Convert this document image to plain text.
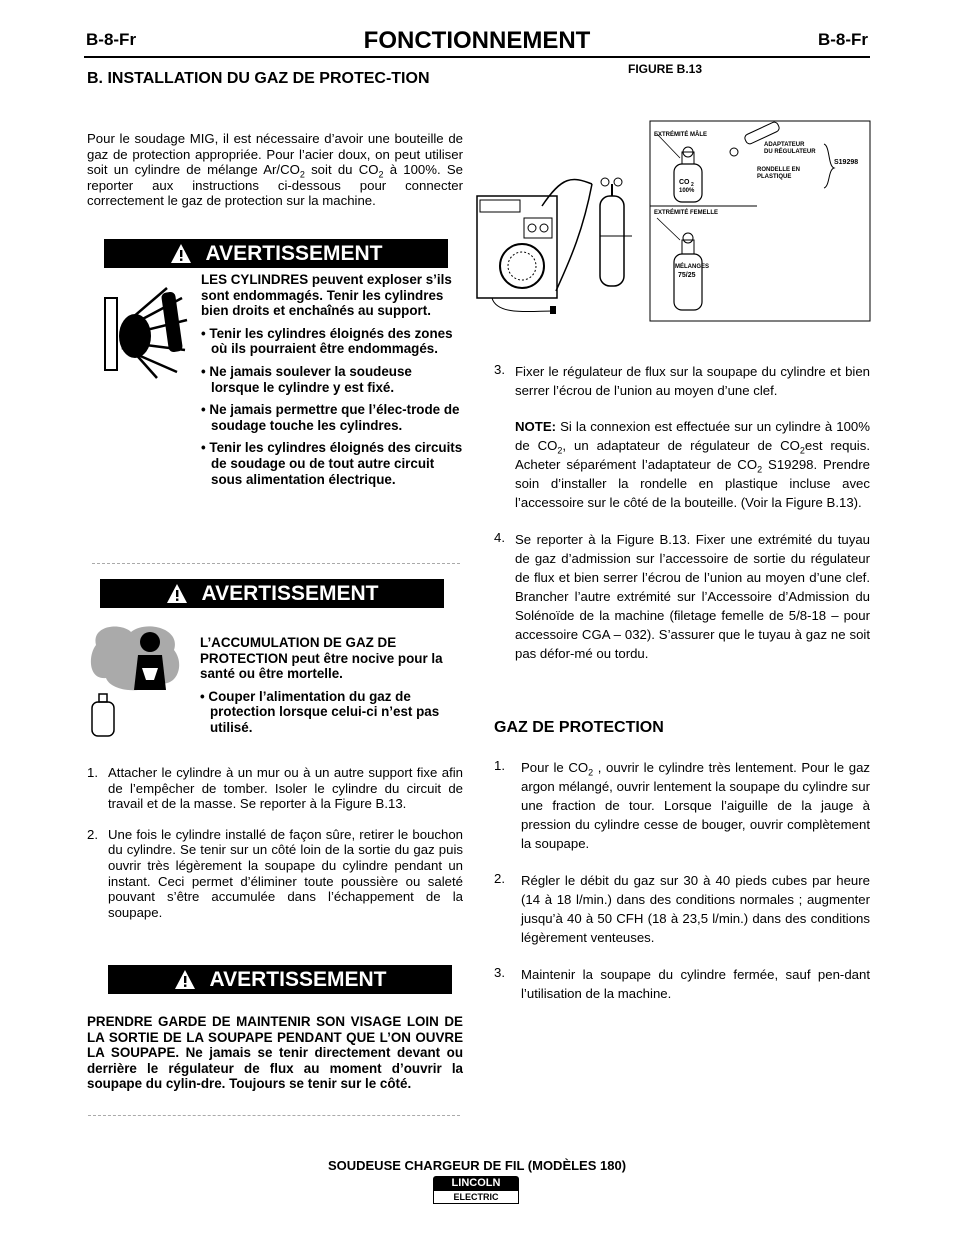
B-8-Fr	FONCTIONNEMENT	B-8-Fr
B. INSTALLATION DU GAZ DE PROTEC-TION
Pour le soudage MIG, il est nécessaire d’avoir une bouteille de gaz de protection appropriée. Pour l’acier doux, on peut utiliser soit un cylindre de mélange $Ar/CO_2$ soit du $CO_2$ à 100%. Se reporter aux instructions ci-dessous pour connecter correctement le gaz de protection sur la machine.
AVERTISSEMENT
LES CYLINDRES peuvent exploser s’ils sont endommagés. Tenir les cylindres bien droits et enchaînés au support.
• Tenir les cylindres éloignés des zones où ils pourraient être endommagés.
• Ne jamais soulever la soudeuse lorsque le cylindre y est fixé.
• Ne jamais permettre que l’élec-trode de soudage touche les cylindres.
• Tenir les cylindres éloignés des circuits de soudage ou de tout autre circuit sous alimentation électrique.
AVERTISSEMENT
L’ACCUMULATION DE GAZ DE PROTECTION peut être nocive pour la santé ou être mortelle.
• Couper l’alimentation du gaz de protection lorsque celui-ci n’est pas utilisé.
1. Attacher le cylindre à un mur ou à un autre support fixe afin de l’empêcher de tomber. Isoler le cylindre du circuit de travail et de la masse. Se reporter à la Figure B.13.
2. Une fois le cylindre installé de façon sûre, retirer le bouchon du cylindre. Se tenir sur un côté loin de la sortie du gaz puis ouvrir très légèrement la soupape du cylindre pendant un instant. Ceci permet d’éliminer toute poussière ou saleté pouvant s’être accumulée dans l’échappement de la soupape.
AVERTISSEMENT
PRENDRE GARDE DE MAINTENIR SON VISAGE LOIN DE LA SORTIE DE LA SOUPAPE PENDANT QUE L’ON OUVRE LA SOUPAPE. Ne jamais se tenir directement devant ou derrière le régulateur de flux au moment d’ouvrir la soupape du cylin-dre. Toujours se tenir sur le côté.
FIGURE B.13
EXTRÉMITÉ MÂLE
ADAPTATEUR
DU RÉGULATEUR
RONDELLE EN
PLASTIQUE
S19298
CO 2
100%
EXTRÉMITÉ FEMELLE
MÉLANGES
75/25
3. Fixer le régulateur de flux sur la soupape du cylindre et bien serrer l’écrou de l’union au moyen d’une clef.
NOTE: Si la connexion est effectuée sur un cylindre à 100% de $CO_2$, un adaptateur de régulateur de $CO_2est$ requis. Acheter séparément l’adaptateur de $CO_2$ S19298. Prendre soin d’installer la rondelle en plastique incluse avec l’accessoire sur le côté de la bouteille. (Voir la Figure B.13).
4. Se reporter à la Figure B.13. Fixer une extrémité du tuyau de gaz d’admission sur l’accessoire de sortie du régulateur de flux et bien serrer l’écrou de l’union au moyen d’une clef. Brancher l’autre extrémité sur l’Accessoire d’Admission du Solénoïde de la machine (filetage femelle de 5/8-18 – pour accessoire CGA – 032). S’assurer que le tuyau à gaz ne soit pas défor-mé ou tordu.
GAZ DE PROTECTION
1. Pour le $CO_2$ , ouvrir le cylindre très lentement. Pour le gaz argon mélangé, ouvrir lentement la soupape du cylindre sur une fraction de tour. Lorsque l’aiguille de la jauge à pression du cylindre cesse de bouger, ouvrir complètement la soupape.
2. Régler le débit du gaz sur 30 à 40 pieds cubes par heure (14 à 18 l/min.) dans des conditions normales ; augmenter jusqu’à 40 à 50 CFH (18 à 23,5 l/min.) dans des conditions légèrement venteuses.
3. Maintenir la soupape du cylindre fermée, sauf pen-dant l’utilisation de la machine.
SOUDEUSE CHARGEUR DE FIL (MODÈLES 180)
LINCOLN
ELECTRIC
